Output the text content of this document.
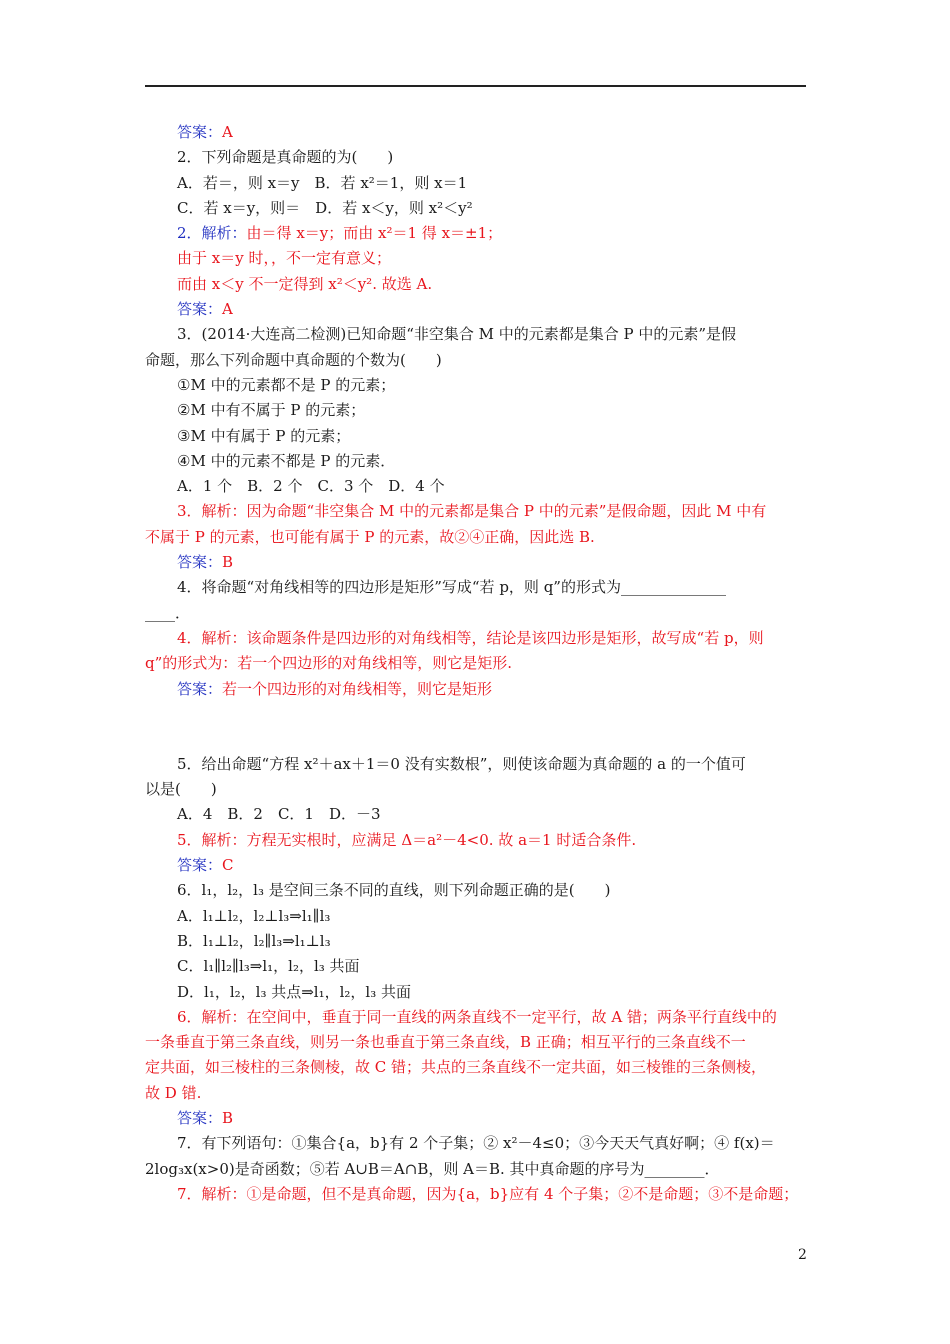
答案：A
2．下列命题是真命题的为(　　)
A．若＝，则 x＝y　B．若 x²＝1，则 x＝1
C．若 x＝y，则＝　D．若 x＜y，则 x²＜y²
2．解析：由＝得 x＝y；而由 x²＝1 得 x＝±1；
由于 x＝y 时，，不一定有意义；
而由 x＜y 不一定得到 x²＜y². 故选 A.
答案：A
3．(2014·大连高二检测)已知命题“非空集合 M 中的元素都是集合 P 中的元素”是假
命题，那么下列命题中真命题的个数为(　　)
①M 中的元素都不是 P 的元素；
②M 中有不属于 P 的元素；
③M 中有属于 P 的元素；
④M 中的元素不都是 P 的元素．
A．1 个　B．2 个　C．3 个　D．4 个
3．解析：因为命题“非空集合 M 中的元素都是集合 P 中的元素”是假命题，因此 M 中有
不属于 P 的元素，也可能有属于 P 的元素，故②④正确，因此选 B.
答案：B
4．将命题“对角线相等的四边形是矩形”写成“若 p，则 q”的形式为______________
____．
4．解析：该命题条件是四边形的对角线相等，结论是该四边形是矩形，故写成“若 p，则
q”的形式为：若一个四边形的对角线相等，则它是矩形.
答案：若一个四边形的对角线相等，则它是矩形
5．给出命题“方程 x²＋ax＋1＝0 没有实数根”，则使该命题为真命题的 a 的一个值可
以是(　　)
A．4　B．2　C．1　D．－3
5．解析：方程无实根时，应满足 Δ＝a²－4<0. 故 a＝1 时适合条件.
答案：C
6．l₁，l₂，l₃ 是空间三条不同的直线，则下列命题正确的是(　　)
A．l₁⊥l₂，l₂⊥l₃⇒l₁∥l₃
B．l₁⊥l₂，l₂∥l₃⇒l₁⊥l₃
C．l₁∥l₂∥l₃⇒l₁，l₂，l₃ 共面
D．l₁，l₂，l₃ 共点⇒l₁，l₂，l₃ 共面
6．解析：在空间中，垂直于同一直线的两条直线不一定平行，故 A 错；两条平行直线中的
一条垂直于第三条直线，则另一条也垂直于第三条直线，B 正确；相互平行的三条直线不一
定共面，如三棱柱的三条侧棱，故 C 错；共点的三条直线不一定共面，如三棱锥的三条侧棱，
故 D 错.
答案：B
7．有下列语句：①集合{a，b}有 2 个子集；② x²－4≤0；③今天天气真好啊；④ f(x)＝
2log₃x(x>0)是奇函数；⑤若 A∪B＝A∩B，则 A＝B. 其中真命题的序号为________．
7．解析：①是命题，但不是真命题，因为{a，b}应有 4 个子集；②不是命题；③不是命题；
2
